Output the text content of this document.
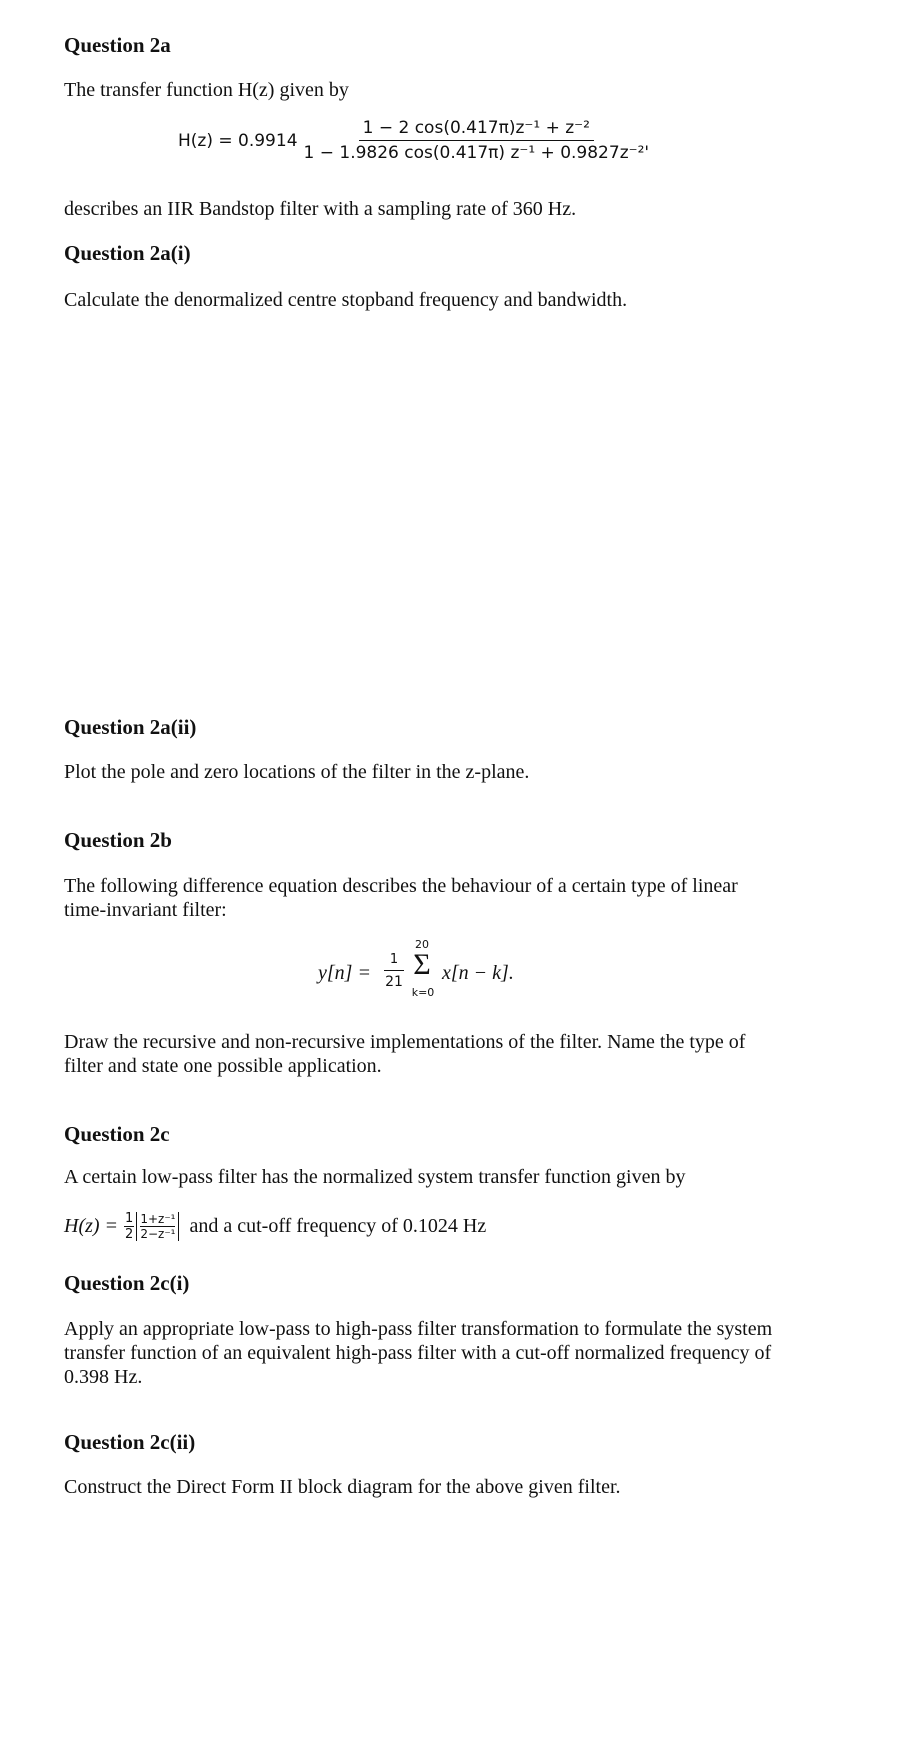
Question 2a
The transfer function H(z) given by
$H(z) = 0.9914 \frac{\text{1 − 2 cos(0.417π)z⁻¹ + z⁻²}}{\text{1 − 1.9826 cos(0.417π) z⁻¹ + 0.9827z⁻²'}}$
describes an IIR Bandstop filter with a sampling rate of 360 Hz.
Question 2a(i)
Calculate the denormalized centre stopband frequency and bandwidth.
Question 2a(ii)
Plot the pole and zero locations of the filter in the z-plane.
Question 2b
The following difference equation describes the behaviour of a certain type of linear time-invariant filter:
y[n] =
1
21
20
Σ
k=0
x[n − k].
Draw the recursive and non-recursive implementations of the filter. Name the type of filter and state one possible application.
Question 2c
A certain low-pass filter has the normalized system transfer function given by
$H(z) = \frac{1}{2} \frac{\text{1+z⁻¹}}{\text{2−z⁻¹}}$ and a cut-off frequency of 0.1024 Hz
Question 2c(i)
Apply an appropriate low-pass to high-pass filter transformation to formulate the system transfer function of an equivalent high-pass filter with a cut-off normalized frequency of 0.398 Hz.
Question 2c(ii)
Construct the Direct Form II block diagram for the above given filter.
